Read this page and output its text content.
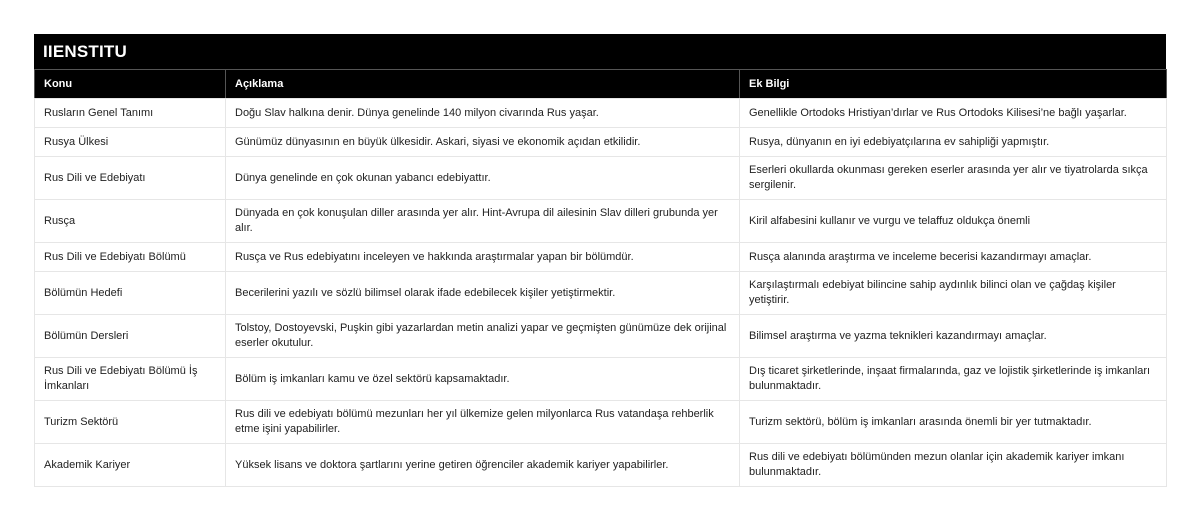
IIENSTITU
Konu	Açıklama	Ek Bilgi
Rusların Genel Tanımı	Doğu Slav halkına denir. Dünya genelinde 140 milyon civarında Rus yaşar.	Genellikle Ortodoks Hristiyan’dırlar ve Rus Ortodoks Kilisesi’ne bağlı yaşarlar.
Rusya Ülkesi	Günümüz dünyasının en büyük ülkesidir. Askari, siyasi ve ekonomik açıdan etkilidir.	Rusya, dünyanın en iyi edebiyatçılarına ev sahipliği yapmıştır.
Rus Dili ve Edebiyatı	Dünya genelinde en çok okunan yabancı edebiyattır.	Eserleri okullarda okunması gereken eserler arasında yer alır ve tiyatrolarda sıkça sergilenir.
Rusça	Dünyada en çok konuşulan diller arasında yer alır. Hint-Avrupa dil ailesinin Slav dilleri grubunda yer alır.	Kiril alfabesini kullanır ve vurgu ve telaffuz oldukça önemli
Rus Dili ve Edebiyatı Bölümü	Rusça ve Rus edebiyatını inceleyen ve hakkında araştırmalar yapan bir bölümdür.	Rusça alanında araştırma ve inceleme becerisi kazandırmayı amaçlar.
Bölümün Hedefi	Becerilerini yazılı ve sözlü bilimsel olarak ifade edebilecek kişiler yetiştirmektir.	Karşılaştırmalı edebiyat bilincine sahip aydınlık bilinci olan ve çağdaş kişiler yetiştirir.
Bölümün Dersleri	Tolstoy, Dostoyevski, Puşkin gibi yazarlardan metin analizi yapar ve geçmişten günümüze dek orijinal eserler okutulur.	Bilimsel araştırma ve yazma teknikleri kazandırmayı amaçlar.
Rus Dili ve Edebiyatı Bölümü İş İmkanları	Bölüm iş imkanları kamu ve özel sektörü kapsamaktadır.	Dış ticaret şirketlerinde, inşaat firmalarında, gaz ve lojistik şirketlerinde iş imkanları bulunmaktadır.
Turizm Sektörü	Rus dili ve edebiyatı bölümü mezunları her yıl ülkemize gelen milyonlarca Rus vatandaşa rehberlik etme işini yapabilirler.	Turizm sektörü, bölüm iş imkanları arasında önemli bir yer tutmaktadır.
Akademik Kariyer	Yüksek lisans ve doktora şartlarını yerine getiren öğrenciler akademik kariyer yapabilirler.	Rus dili ve edebiyatı bölümünden mezun olanlar için akademik kariyer imkanı bulunmaktadır.
